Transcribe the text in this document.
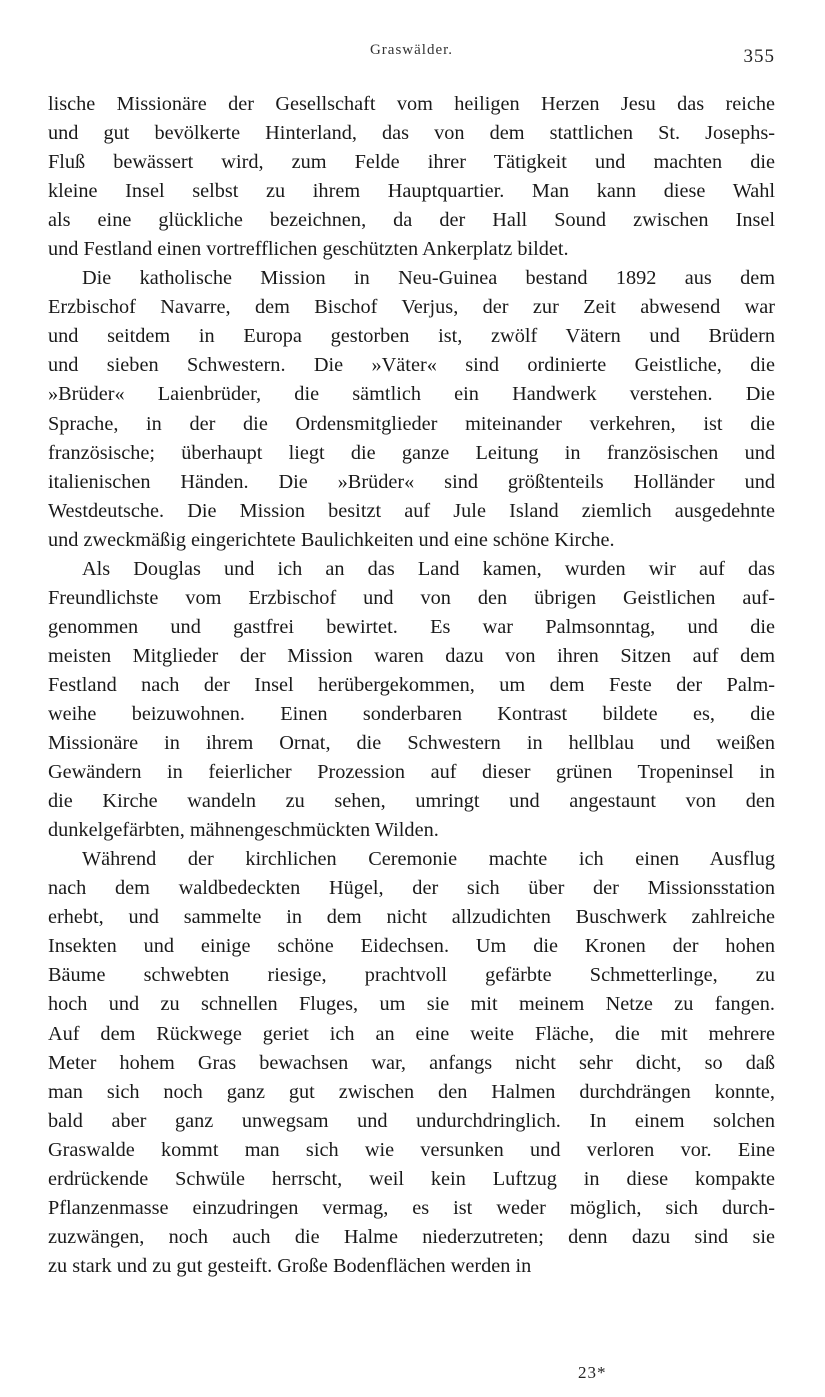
Graswälder.	355
lische Missionäre der Gesellschaft vom heiligen Herzen Jesu das reiche
und gut bevölkerte Hinterland, das von dem stattlichen St. Josephs-
Fluß bewässert wird, zum Felde ihrer Tätigkeit und machten die
kleine Insel selbst zu ihrem Hauptquartier. Man kann diese Wahl
als eine glückliche bezeichnen, da der Hall Sound zwischen Insel
und Festland einen vortrefflichen geschützten Ankerplatz bildet.
Die katholische Mission in Neu-Guinea bestand 1892 aus dem
Erzbischof Navarre, dem Bischof Verjus, der zur Zeit abwesend war
und seitdem in Europa gestorben ist, zwölf Vätern und Brüdern
und sieben Schwestern. Die »Väter« sind ordinierte Geistliche, die
»Brüder« Laienbrüder, die sämtlich ein Handwerk verstehen. Die
Sprache, in der die Ordensmitglieder miteinander verkehren, ist die
französische; überhaupt liegt die ganze Leitung in französischen und
italienischen Händen. Die »Brüder« sind größtenteils Holländer und
Westdeutsche. Die Mission besitzt auf Jule Island ziemlich ausgedehnte
und zweckmäßig eingerichtete Baulichkeiten und eine schöne Kirche.
Als Douglas und ich an das Land kamen, wurden wir auf das
Freundlichste vom Erzbischof und von den übrigen Geistlichen auf-
genommen und gastfrei bewirtet. Es war Palmsonntag, und die
meisten Mitglieder der Mission waren dazu von ihren Sitzen auf dem
Festland nach der Insel herübergekommen, um dem Feste der Palm-
weihe beizuwohnen. Einen sonderbaren Kontrast bildete es, die
Missionäre in ihrem Ornat, die Schwestern in hellblau und weißen
Gewändern in feierlicher Prozession auf dieser grünen Tropeninsel in
die Kirche wandeln zu sehen, umringt und angestaunt von den
dunkelgefärbten, mähnengeschmückten Wilden.
Während der kirchlichen Ceremonie machte ich einen Ausflug
nach dem waldbedeckten Hügel, der sich über der Missionsstation
erhebt, und sammelte in dem nicht allzudichten Buschwerk zahlreiche
Insekten und einige schöne Eidechsen. Um die Kronen der hohen
Bäume schwebten riesige, prachtvoll gefärbte Schmetterlinge, zu
hoch und zu schnellen Fluges, um sie mit meinem Netze zu fangen.
Auf dem Rückwege geriet ich an eine weite Fläche, die mit mehrere
Meter hohem Gras bewachsen war, anfangs nicht sehr dicht, so daß
man sich noch ganz gut zwischen den Halmen durchdrängen konnte,
bald aber ganz unwegsam und undurchdringlich. In einem solchen
Graswalde kommt man sich wie versunken und verloren vor. Eine
erdrückende Schwüle herrscht, weil kein Luftzug in diese kompakte
Pflanzenmasse einzudringen vermag, es ist weder möglich, sich durch-
zuzwängen, noch auch die Halme niederzutreten; denn dazu sind sie
zu stark und zu gut gesteift. Große Bodenflächen werden in
23*
